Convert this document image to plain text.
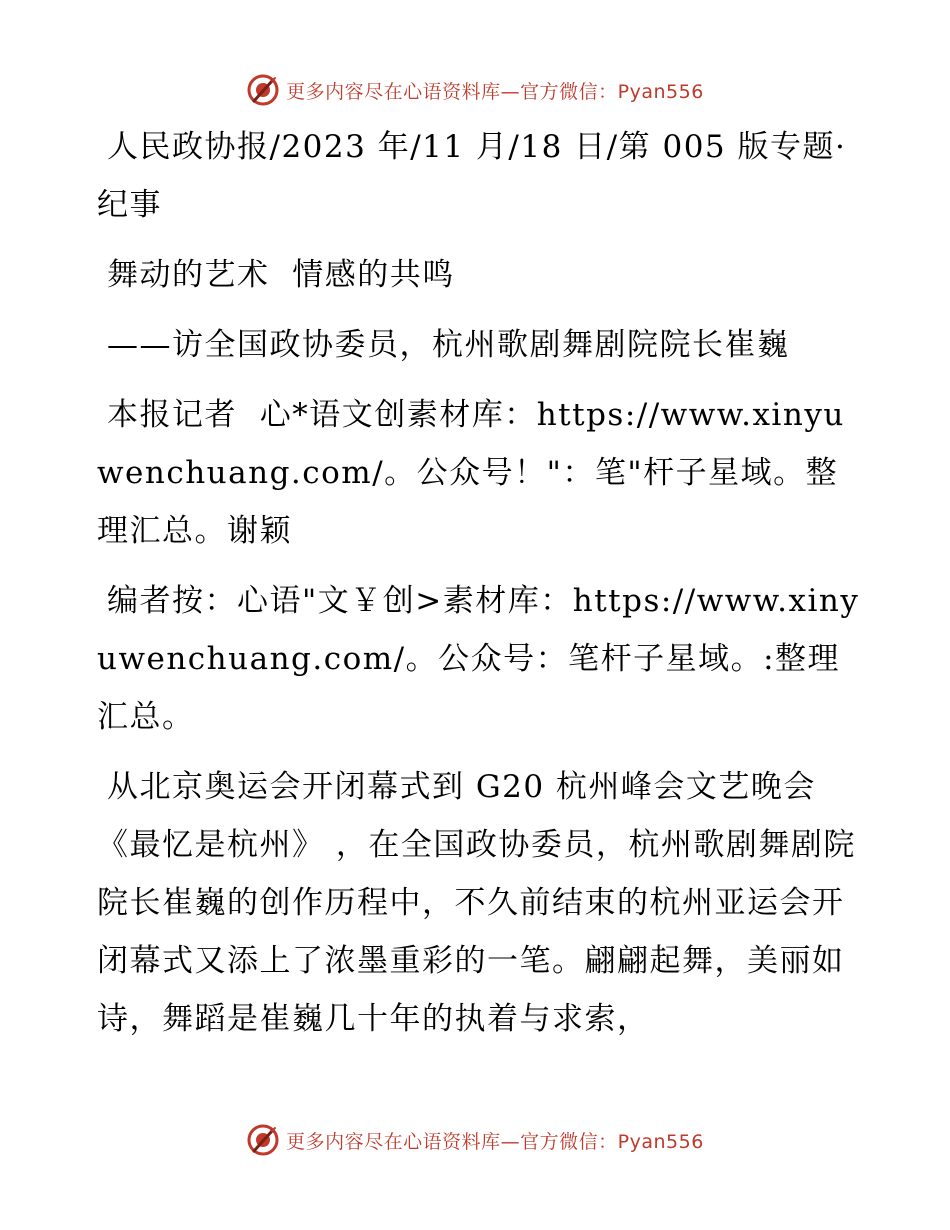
更多内容尽在心语资料库—官方微信：Pyan556

人民政协报/2023 年/11 月/18 日/第 005 版专题· 纪事

舞动的艺术  情感的共鸣

——访全国政协委员，杭州歌剧舞剧院院长崔巍

本报记者  心*语文创素材库：https://www.xinyuwenchuang.com/。公众号！"：笔"杆子星域。整理汇总。谢颖

编者按：心语"文￥创>素材库：https://www.xinyuwenchuang.com/。公众号：笔杆子星域。:整理汇总。

从北京奥运会开闭幕式到 G20 杭州峰会文艺晚会《最忆是杭州》 ，在全国政协委员，杭州歌剧舞剧院院长崔巍的创作历程中，不久前结束的杭州亚运会开闭幕式又添上了浓墨重彩的一笔。翩翩起舞，美丽如诗，舞蹈是崔巍几十年的执着与求索，

更多内容尽在心语资料库—官方微信：Pyan556
